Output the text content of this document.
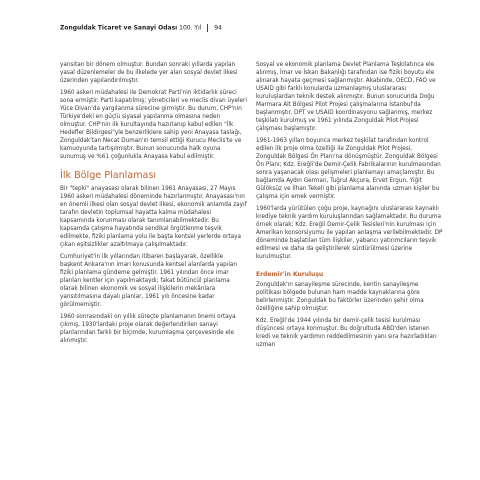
Zonguldak Ticaret ve Sanayi Odası 100. Yıl 94

yansıtan bir dönem olmuştur. Bundan sonraki yıllarda yapılan yasal düzenlemeler de bu ilkelede yer alan sosyal devlet ilkesi üzerinden yapılandırılmıştır.

1960 askeri müdahalesi ile Demokrat Parti'nin iktidarlık süreci sona ermiştir. Parti kapatılmış; yöneticileri ve meclis divan üyeleri Yüce Divan'da yargılanma sürecine girmiştir. Bu durum, CHP'nin Türkiye'deki en güçlü siyasal yapılanma olmasına neden olmuştur. CHP'nin ilk kurultayında hazırlanıp kabul edilen "İlk Hedefler Bildirgesi"yle benzerliklere sahip yeni Anayasa taslağı, Zonguldak'tan Necat Duman'ın temsil ettiği Kurucu Meclis'te ve kamuoyunda tartışılmıştır. Bunun sonucunda halk oyuna sunumuş ve %61 çoğunlukla Anayasa kabul edilmiştir.

İlk Bölge Planlaması

Bir "tepki" anayasası olarak bilinen 1961 Anayasası, 27 Mayıs 1960 askeri müdahalesi döneminde hazırlanmıştır. Anayasası'nın en önemli ilkesi olan sosyal devlet ilkesi, ekonomik anlamda zayıf tarafın devletin toplumsal hayatta kalma müdahalesi kapsamında korunması olarak tanımlanabilmektedir. Bu kapsamda çalışma hayatında sendikal örgütlenme teşvik edilmekte, fiziki planlama yolu ile başta kentsel yerlerde ortaya çıkan eşitsizlikler azaltılmaya çalışılmaktadır.

Cumhuriyet'in ilk yıllarından itibaren başlayarak, özellikle başkent Ankara'nın imarı konusunda kentsel alanlarda yapılan fiziki planlama gündeme gelmiştir. 1961 yılından önce imar planları kentler için yapılmaktaydı; fakat bütüncül planlama olarak bilinen ekonomik ve sosyal ilişkilerin mekânlara yansıtılmasına dayalı planlar, 1961 yılı öncesine kadar görülmemiştir.

1960 sonrasındaki on yıllık süreçte planlamanın önemi ortaya çıkmış, 1930'lardaki proje olarak değerlendirilen sanayi planlarından farklı bir biçimde, kurumlaşma çerçevesinde ele alınmıştır.

Sosyal ve ekonomik planlama Devlet Planlama Teşkilatınca ele alınmış, İmar ve İskan Bakanlığı tarafından ise fiziki boyutu ele alınarak hayata geçmesi sağlanmıştır. Akabinde, OECD, FAO ve USAID gibi farklı konularda uzmanlaşmış uluslararası kuruluşlardan teknik destek alınmıştır. Bunun sonucunda Doğu Marmara Alt Bölgesi Pilot Projesi çalışmalarına İstanbul'da başlanmıştır. DPT ve USAID koordinasyonu sağlanmış, merkez teşkilatı kurulmuş ve 1961 yılında Zonguldak Pilot Projesi çalışması başlamıştır.

1961-1963 yılları boyunca merkez teşkilat tarafından kontrol edilen ilk proje olma özelliği ile Zonguldak Pilot Projesi, Zonguldak Bölgesi Ön Planı'na dönüşmüştür. Zonguldak Bölgesi Ön Planı; Kdz. Ereğli'de Demir-Çelik Fabrikalarının kurulmasından sonra yaşanacak olası gelişmeleri planlamayı amaçlamıştır. Bu bağlamda Aydın German, Tuğrul Akçura, Ervet Ergun, Yiğit Gülöksüz ve İlhan Tekeli gibi planlama alanında uzman kişiler bu çalışma için emek vermiştir.

1960'larda yürütülen çoğu proje, kaynağını uluslararası kaynaklı krediye teknik yardım kuruluşlarından sağlamaktadır. Bu duruma örnek olarak; Kdz. Ereğli Demir-Çelik Tesisleri'nin kurulması için Amerikan konsorsiyumu ile yapılan anlaşma verilebilmektedir. DP döneminde başlatılan tüm ilişkiler, yabancı yatırımcıların teşvik edilmesi ve daha da geliştirilerek sürdürülmesi üzerine kurulmuştur.

Erdemir'in Kuruluşu

Zonguldak'ın sanayileşme sürecinde, kentin sanayileşme politikası bölgede bulunan ham madde kaynaklarına göre belirlenmiştir. Zonguldak bu faktörler üzerinden şehir olma özelliğine sahip olmuştur.

Kdz. Ereğli'de 1944 yılında bir demir-çelik tesisi kurulması düşüncesi ortaya konmuştur. Bu doğrultuda ABD'den istenen kredi ve teknik yardımın reddedilmesinin yanı sıra hazırladıkları uzman
